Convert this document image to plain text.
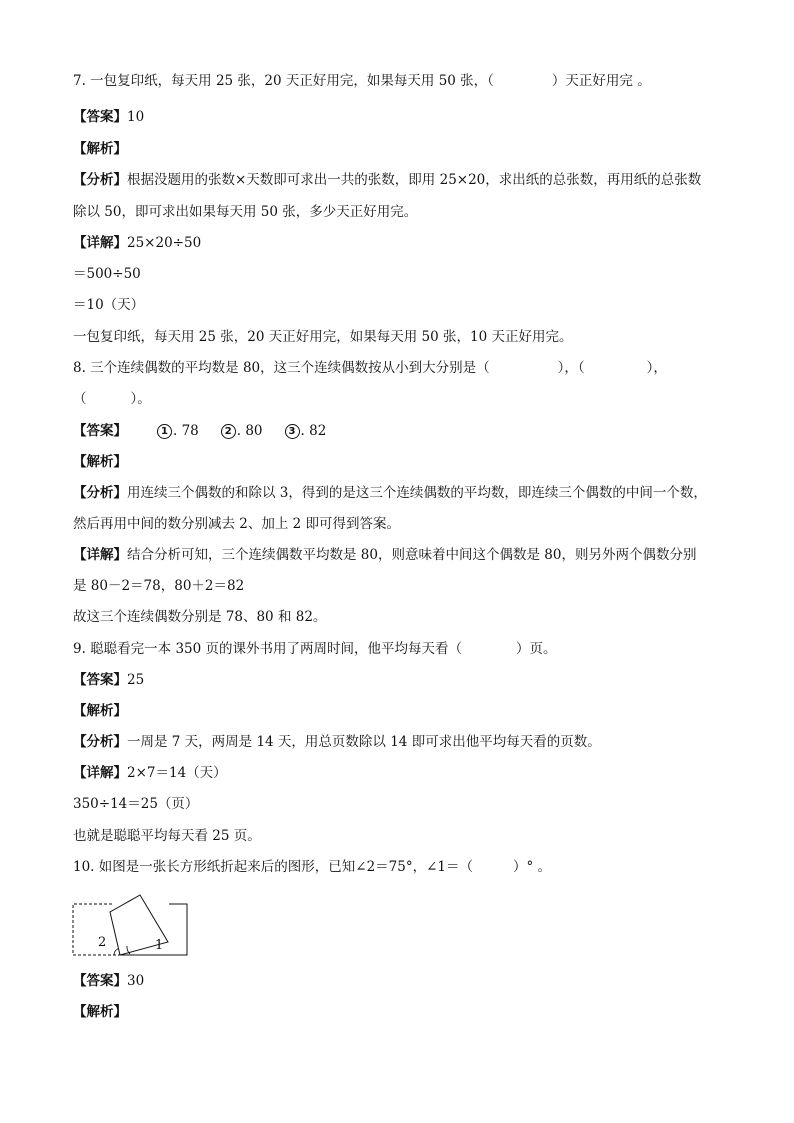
7. 一包复印纸，每天用 25 张，20 天正好用完，如果每天用 50 张，（	）天正好用完 。
【答案】10
【解析】
【分析】根据没题用的张数×天数即可求出一共的张数，即用 25×20，求出纸的总张数，再用纸的总张数
除以 50，即可求出如果每天用 50 张，多少天正好用完。
【详解】25×20÷50
＝500÷50
＝10（天）
一包复印纸，每天用 25 张，20 天正好用完，如果每天用 50 张，10 天正好用完。
8. 三个连续偶数的平均数是 80，这三个连续偶数按从小到大分别是（	），（	），
（	）。
【答案】	1 . 78	2 . 80	3 . 82
【解析】
【分析】用连续三个偶数的和除以 3，得到的是这三个连续偶数的平均数，即连续三个偶数的中间一个数，
然后再用中间的数分别减去 2、加上 2 即可得到答案。
【详解】结合分析可知，三个连续偶数平均数是 80，则意味着中间这个偶数是 80，则另外两个偶数分别
是 80－2＝78，80＋2＝82
故这三个连续偶数分别是 78、80 和 82。
9. 聪聪看完一本 350 页的课外书用了两周时间，他平均每天看（	）页。
【答案】25
【解析】
【分析】一周是 7 天，两周是 14 天，用总页数除以 14 即可求出他平均每天看的页数。
【详解】2×7＝14（天）
350÷14＝25（页）
也就是聪聪平均每天看 25 页。
10. 如图是一张长方形纸折起来后的图形，已知∠2＝75°，∠1＝（	）° 。
2	1
【答案】30
【解析】
